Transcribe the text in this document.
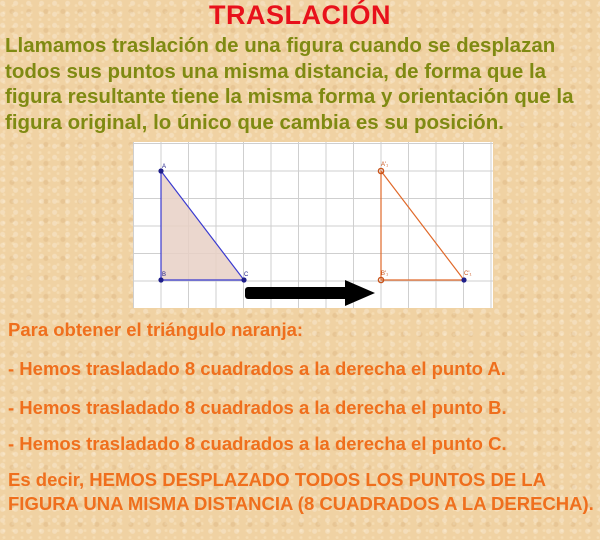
TRASLACIÓN

Llamamos traslación de una figura cuando se desplazan todos sus puntos una misma distancia, de forma que la figura resultante tiene la misma forma y orientación que la figura original, lo único que cambia es su posición.

A
B	C
A'₁
B'₁	C'₁

Para obtener el triángulo naranja:

- Hemos trasladado 8 cuadrados a la derecha el punto A.

- Hemos trasladado 8 cuadrados a la derecha el punto B.

- Hemos trasladado 8 cuadrados a la derecha el punto C.

Es decir, HEMOS DESPLAZADO TODOS LOS PUNTOS DE LA FIGURA UNA MISMA DISTANCIA (8 CUADRADOS A LA DERECHA).
